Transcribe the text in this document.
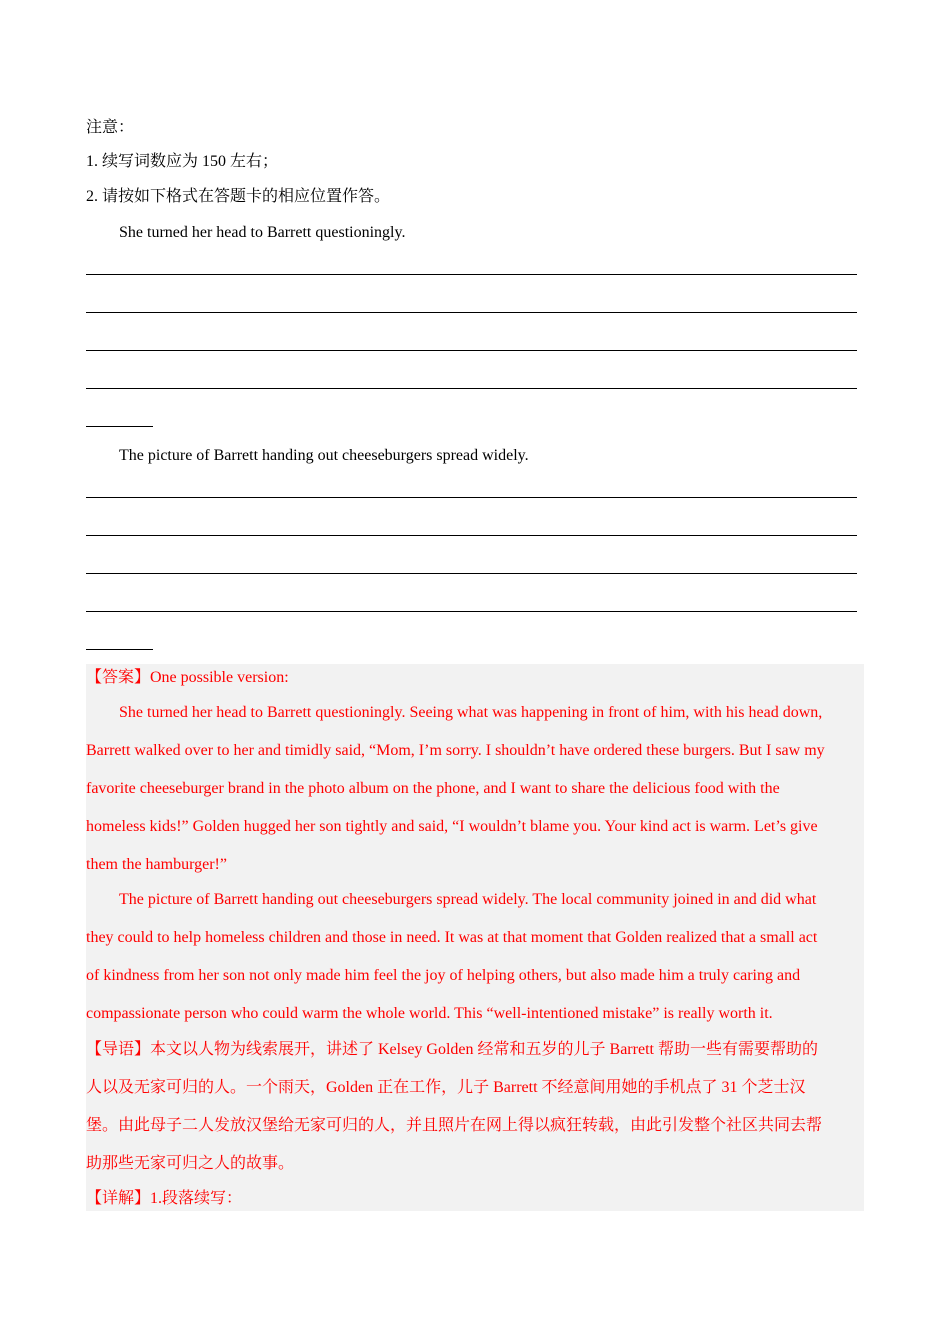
注意：
1. 续写词数应为 150 左右；
2. 请按如下格式在答题卡的相应位置作答。
She turned her head to Barrett questioningly.
The picture of Barrett handing out cheeseburgers spread widely.
【答案】One possible version:
She turned her head to Barrett questioningly. Seeing what was happening in front of him, with his head down,
Barrett walked over to her and timidly said, “Mom, I’m sorry. I shouldn’t have ordered these burgers. But I saw my
favorite cheeseburger brand in the photo album on the phone, and I want to share the delicious food with the
homeless kids!” Golden hugged her son tightly and said, “I wouldn’t blame you. Your kind act is warm. Let’s give
them the hamburger!”
The picture of Barrett handing out cheeseburgers spread widely. The local community joined in and did what
they could to help homeless children and those in need. It was at that moment that Golden realized that a small act
of kindness from her son not only made him feel the joy of helping others, but also made him a truly caring and
compassionate person who could warm the whole world. This “well-intentioned mistake” is really worth it.
【导语】本文以人物为线索展开，讲述了 Kelsey Golden 经常和五岁的儿子 Barrett 帮助一些有需要帮助的
人以及无家可归的人。一个雨天，Golden 正在工作，儿子 Barrett 不经意间用她的手机点了 31 个芝士汉
堡。由此母子二人发放汉堡给无家可归的人，并且照片在网上得以疯狂转载，由此引发整个社区共同去帮
助那些无家可归之人的故事。
【详解】1.段落续写：
